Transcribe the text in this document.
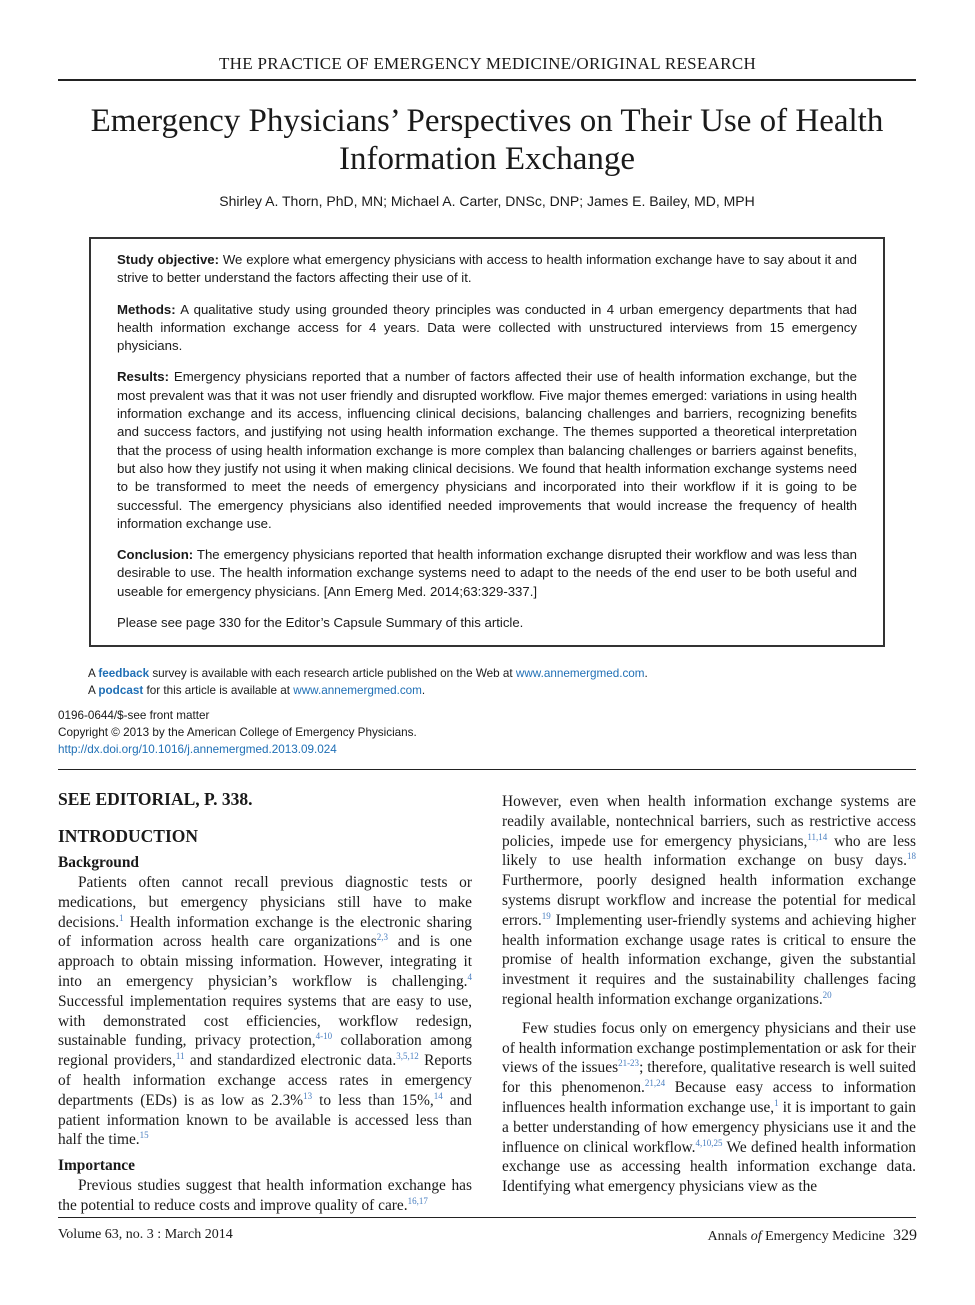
THE PRACTICE OF EMERGENCY MEDICINE/ORIGINAL RESEARCH
Emergency Physicians’ Perspectives on Their Use of Health
Information Exchange
Shirley A. Thorn, PhD, MN; Michael A. Carter, DNSc, DNP; James E. Bailey, MD, MPH

Study objective: We explore what emergency physicians with access to health information exchange have to say about it and strive to better understand the factors affecting their use of it.

Methods: A qualitative study using grounded theory principles was conducted in 4 urban emergency departments that had health information exchange access for 4 years. Data were collected with unstructured interviews from 15 emergency physicians.

Results: Emergency physicians reported that a number of factors affected their use of health information exchange, but the most prevalent was that it was not user friendly and disrupted workflow. Five major themes emerged: variations in using health information exchange and its access, influencing clinical decisions, balancing challenges and barriers, recognizing benefits and success factors, and justifying not using health information exchange. The themes supported a theoretical interpretation that the process of using health information exchange is more complex than balancing challenges or barriers against benefits, but also how they justify not using it when making clinical decisions. We found that health information exchange systems need to be transformed to meet the needs of emergency physicians and incorporated into their workflow if it is going to be successful. The emergency physicians also identified needed improvements that would increase the frequency of health information exchange use.

Conclusion: The emergency physicians reported that health information exchange disrupted their workflow and was less than desirable to use. The health information exchange systems need to adapt to the needs of the end user to be both useful and useable for emergency physicians. [Ann Emerg Med. 2014;63:329-337.]

Please see page 330 for the Editor’s Capsule Summary of this article.

A feedback survey is available with each research article published on the Web at www.annemergmed.com.
A podcast for this article is available at www.annemergmed.com.
0196-0644/$-see front matter
Copyright © 2013 by the American College of Emergency Physicians.
http://dx.doi.org/10.1016/j.annemergmed.2013.09.024
SEE EDITORIAL, P. 338.
INTRODUCTION
Background

Patients often cannot recall previous diagnostic tests or medications, but emergency physicians still have to make decisions.$^1$ Health information exchange is the electronic sharing of information across health care organizations$^{2,3}$ and is one approach to obtain missing information. However, integrating it into an emergency physician’s workflow is challenging.$^4$ Successful implementation requires systems that are easy to use, with demonstrated cost efficiencies, workflow redesign, sustainable funding, privacy protection,$^{4-10}$ collaboration among regional providers,$^{11}$ and standardized electronic data.$^{3,5,12}$ Reports of health information exchange access rates in emergency departments (EDs) is as low as 2.3%$^{13}$ to less than 15%,$^{14}$ and patient information known to be available is accessed less than half the time.$^{15}$

Importance

Previous studies suggest that health information exchange has the potential to reduce costs and improve quality of care.$^{16,17}$

However, even when health information exchange systems are readily available, nontechnical barriers, such as restrictive access policies, impede use for emergency physicians,$^{11,14}$ who are less likely to use health information exchange on busy days.$^{18}$ Furthermore, poorly designed health information exchange systems disrupt workflow and increase the potential for medical errors.$^{19}$ Implementing user-friendly systems and achieving higher health information exchange usage rates is critical to ensure the promise of health information exchange, given the substantial investment it requires and the sustainability challenges facing regional health information exchange organizations.$^{20}$

Few studies focus only on emergency physicians and their use of health information exchange postimplementation or ask for their views of the issues$^{21-23}$; therefore, qualitative research is well suited for this phenomenon.$^{21,24}$ Because easy access to information influences health information exchange use,$^1$ it is important to gain a better understanding of how emergency physicians use it and the influence on clinical workflow.$^{4,10,25}$ We defined health information exchange use as accessing health information exchange data. Identifying what emergency physicians view as the

Volume 63, no. 3 : March 2014	Annals of Emergency Medicine 329
